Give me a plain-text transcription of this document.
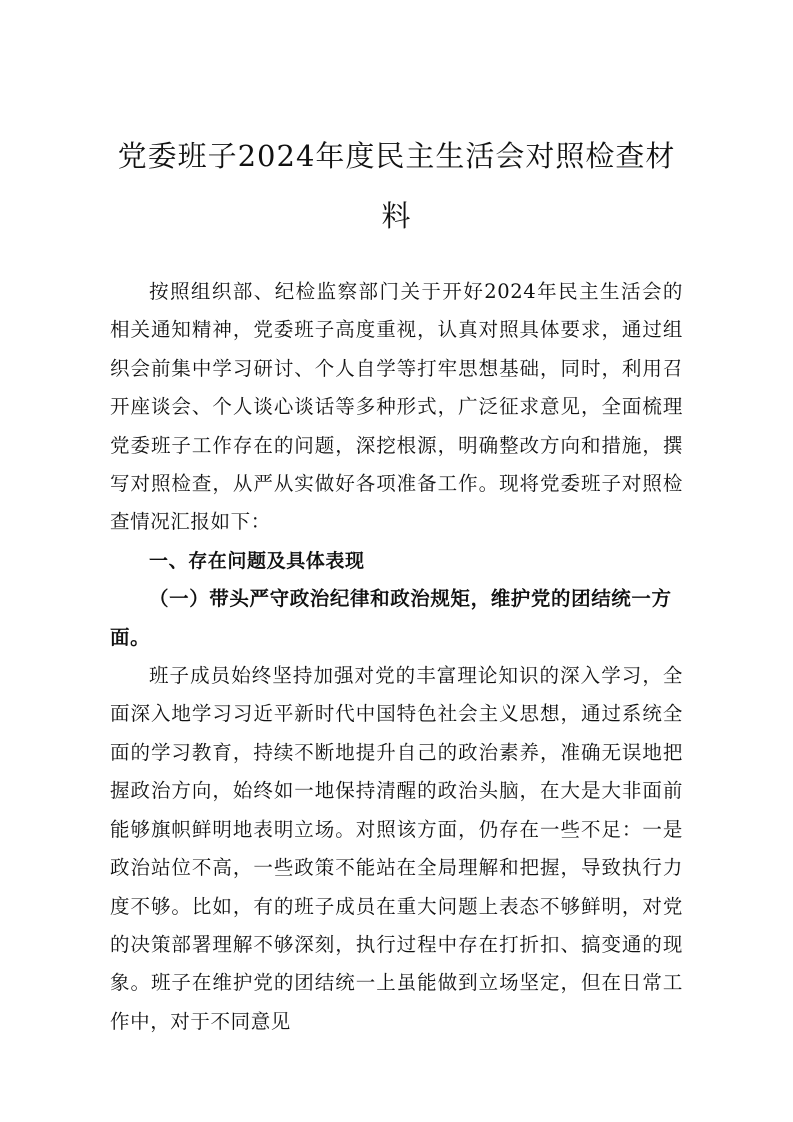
党委班子2024年度民主生活会对照检查材
料

按照组织部、纪检监察部门关于开好2024年民主生活会的相关通知精神，党委班子高度重视，认真对照具体要求，通过组织会前集中学习研讨、个人自学等打牢思想基础，同时，利用召开座谈会、个人谈心谈话等多种形式，广泛征求意见，全面梳理党委班子工作存在的问题，深挖根源，明确整改方向和措施，撰写对照检查，从严从实做好各项准备工作。现将党委班子对照检查情况汇报如下：

一、存在问题及具体表现

（一）带头严守政治纪律和政治规矩，维护党的团结统一方面。

班子成员始终坚持加强对党的丰富理论知识的深入学习，全面深入地学习习近平新时代中国特色社会主义思想，通过系统全面的学习教育，持续不断地提升自己的政治素养，准确无误地把握政治方向，始终如一地保持清醒的政治头脑，在大是大非面前能够旗帜鲜明地表明立场。对照该方面，仍存在一些不足：一是政治站位不高，一些政策不能站在全局理解和把握，导致执行力度不够。比如，有的班子成员在重大问题上表态不够鲜明，对党的决策部署理解不够深刻，执行过程中存在打折扣、搞变通的现象。班子在维护党的团结统一上虽能做到立场坚定，但在日常工作中，对于不同意见
